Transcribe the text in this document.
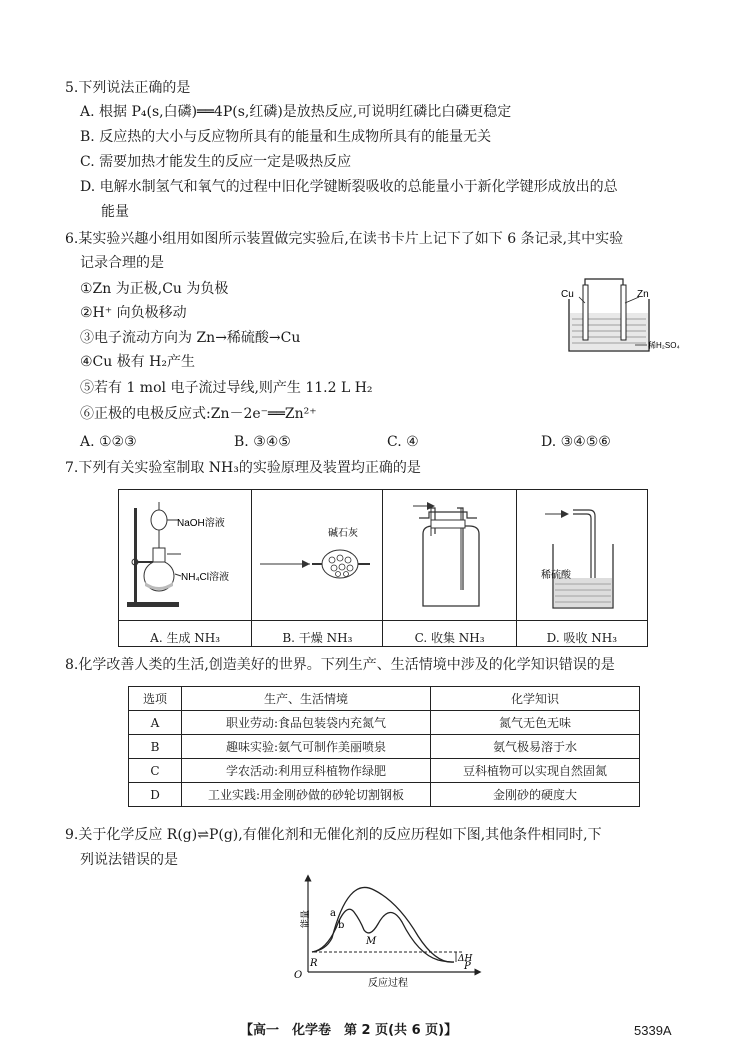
5.下列说法正确的是
A. 根据 P₄(s,白磷)══4P(s,红磷)是放热反应,可说明红磷比白磷更稳定
B. 反应热的大小与反应物所具有的能量和生成物所具有的能量无关
C. 需要加热才能发生的反应一定是吸热反应
D. 电解水制氢气和氧气的过程中旧化学键断裂吸收的总能量小于新化学键形成放出的总
能量
6.某实验兴趣小组用如图所示装置做完实验后,在读书卡片上记下了如下 6 条记录,其中实验
记录合理的是
①Zn 为正极,Cu 为负极
②H⁺ 向负极移动
③电子流动方向为 Zn→稀硫酸→Cu
④Cu 极有 H₂产生
⑤若有 1 mol 电子流过导线,则产生 11.2 L H₂
⑥正极的电极反应式:Zn－2e⁻══Zn²⁺
A. ①②③	B. ③④⑤	C. ④	D. ③④⑤⑥
Cu	Zn
稀H₂SO₄
7.下列有关实验室制取 NH₃的实验原理及装置均正确的是
NaOH溶液
NH₄Cl溶液	碱石灰		稀硫酸

A. 生成 NH₃	B. 干燥 NH₃	C. 收集 NH₃	D. 吸收 NH₃
8.化学改善人类的生活,创造美好的世界。下列生产、生活情境中涉及的化学知识错误的是
选项	生产、生活情境	化学知识
A	职业劳动:食品包装袋内充氮气	氮气无色无味
B	趣味实验:氨气可制作美丽喷泉	氨气极易溶于水
C	学农活动:利用豆科植物作绿肥	豆科植物可以实现自然固氮
D	工业实践:用金刚砂做的砂轮切割钢板	金刚砂的硬度大
9.关于化学反应 R(g)⇌P(g),有催化剂和无催化剂的反应历程如下图,其他条件相同时,下
列说法错误的是
能量
O
反应过程
a
b
M
R	ΔH
P
【高一　化学卷　第 2 页(共 6 页)】	5339A
